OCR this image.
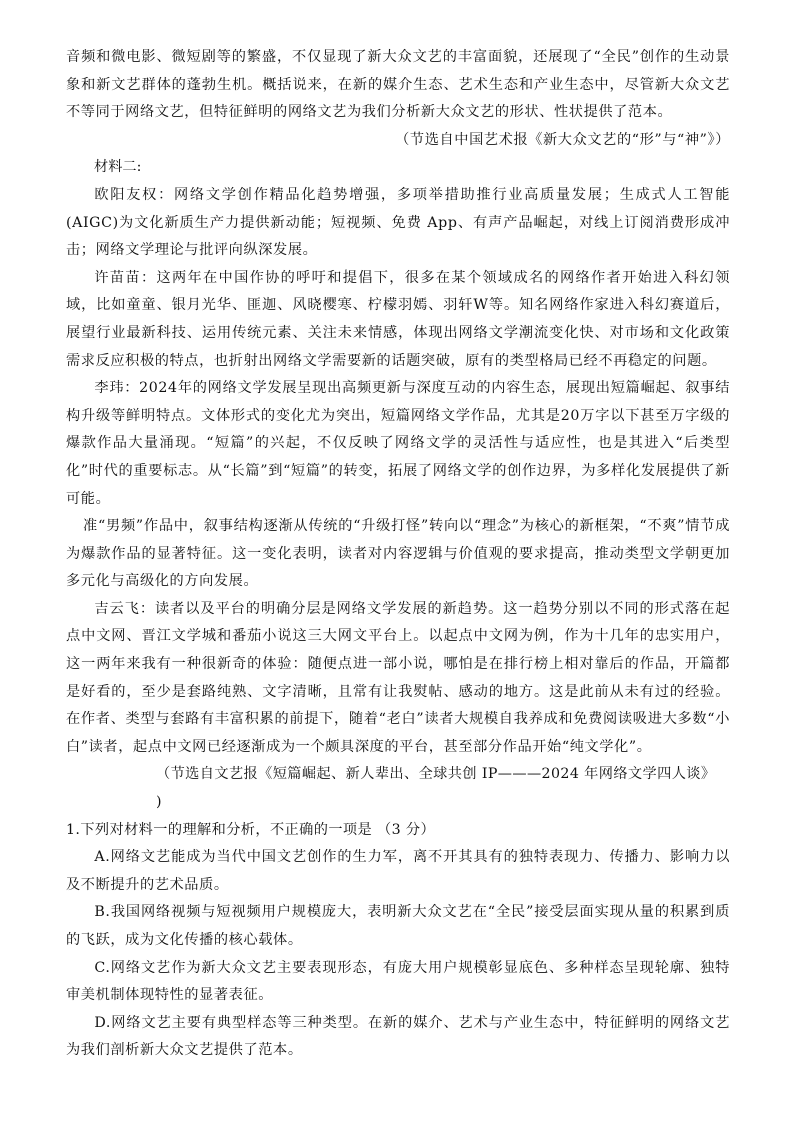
音频和微电影、微短剧等的繁盛，不仅显现了新大众文艺的丰富面貌，还展现了“全民”创作的生动景象和新文艺群体的蓬勃生机。概括说来，在新的媒介生态、艺术生态和产业生态中，尽管新大众文艺不等同于网络文艺，但特征鲜明的网络文艺为我们分析新大众文艺的形状、性状提供了范本。

（节选自中国艺术报《新大众文艺的“形”与“神”》）

材料二:

欧阳友权：网络文学创作精品化趋势增强，多项举措助推行业高质量发展；生成式人工智能(AIGC)为文化新质生产力提供新动能；短视频、免费 App、有声产品崛起，对线上订阅消费形成冲击；网络文学理论与批评向纵深发展。

许苗苗：这两年在中国作协的呼吁和提倡下，很多在某个领域成名的网络作者开始进入科幻领域，比如童童、银月光华、匪迦、风晓樱寒、柠檬羽嫣、羽轩W等。知名网络作家进入科幻赛道后，展望行业最新科技、运用传统元素、关注未来情感，体现出网络文学潮流变化快、对市场和文化政策需求反应积极的特点，也折射出网络文学需要新的话题突破，原有的类型格局已经不再稳定的问题。

李玮：2024年的网络文学发展呈现出高频更新与深度互动的内容生态，展现出短篇崛起、叙事结构升级等鲜明特点。文体形式的变化尤为突出，短篇网络文学作品，尤其是20万字以下甚至万字级的爆款作品大量涌现。“短篇”的兴起，不仅反映了网络文学的灵活性与适应性，也是其进入“后类型化”时代的重要标志。从“长篇”到“短篇”的转变，拓展了网络文学的创作边界，为多样化发展提供了新可能。

准“男频”作品中，叙事结构逐渐从传统的“升级打怪”转向以“理念”为核心的新框架，“不爽”情节成为爆款作品的显著特征。这一变化表明，读者对内容逻辑与价值观的要求提高，推动类型文学朝更加多元化与高级化的方向发展。

吉云飞：读者以及平台的明确分层是网络文学发展的新趋势。这一趋势分别以不同的形式落在起点中文网、晋江文学城和番茄小说这三大网文平台上。以起点中文网为例，作为十几年的忠实用户，这一两年来我有一种很新奇的体验：随便点进一部小说，哪怕是在排行榜上相对靠后的作品，开篇都是好看的，至少是套路纯熟、文字清晰，且常有让我熨帖、感动的地方。这是此前从未有过的经验。在作者、类型与套路有丰富积累的前提下，随着“老白”读者大规模自我养成和免费阅读吸进大多数“小白”读者，起点中文网已经逐渐成为一个颇具深度的平台，甚至部分作品开始“纯文学化”。

（节选自文艺报《短篇崛起、新人辈出、全球共创 IP———2024 年网络文学四人谈》

)

1.下列对材料一的理解和分析，不正确的一项是 （3 分）

A.网络文艺能成为当代中国文艺创作的生力军，离不开其具有的独特表现力、传播力、影响力以及不断提升的艺术品质。

B.我国网络视频与短视频用户规模庞大，表明新大众文艺在“全民”接受层面实现从量的积累到质的飞跃，成为文化传播的核心载体。

C.网络文艺作为新大众文艺主要表现形态，有庞大用户规模彰显底色、多种样态呈现轮廓、独特审美机制体现特性的显著表征。

D.网络文艺主要有典型样态等三种类型。在新的媒介、艺术与产业生态中，特征鲜明的网络文艺为我们剖析新大众文艺提供了范本。
